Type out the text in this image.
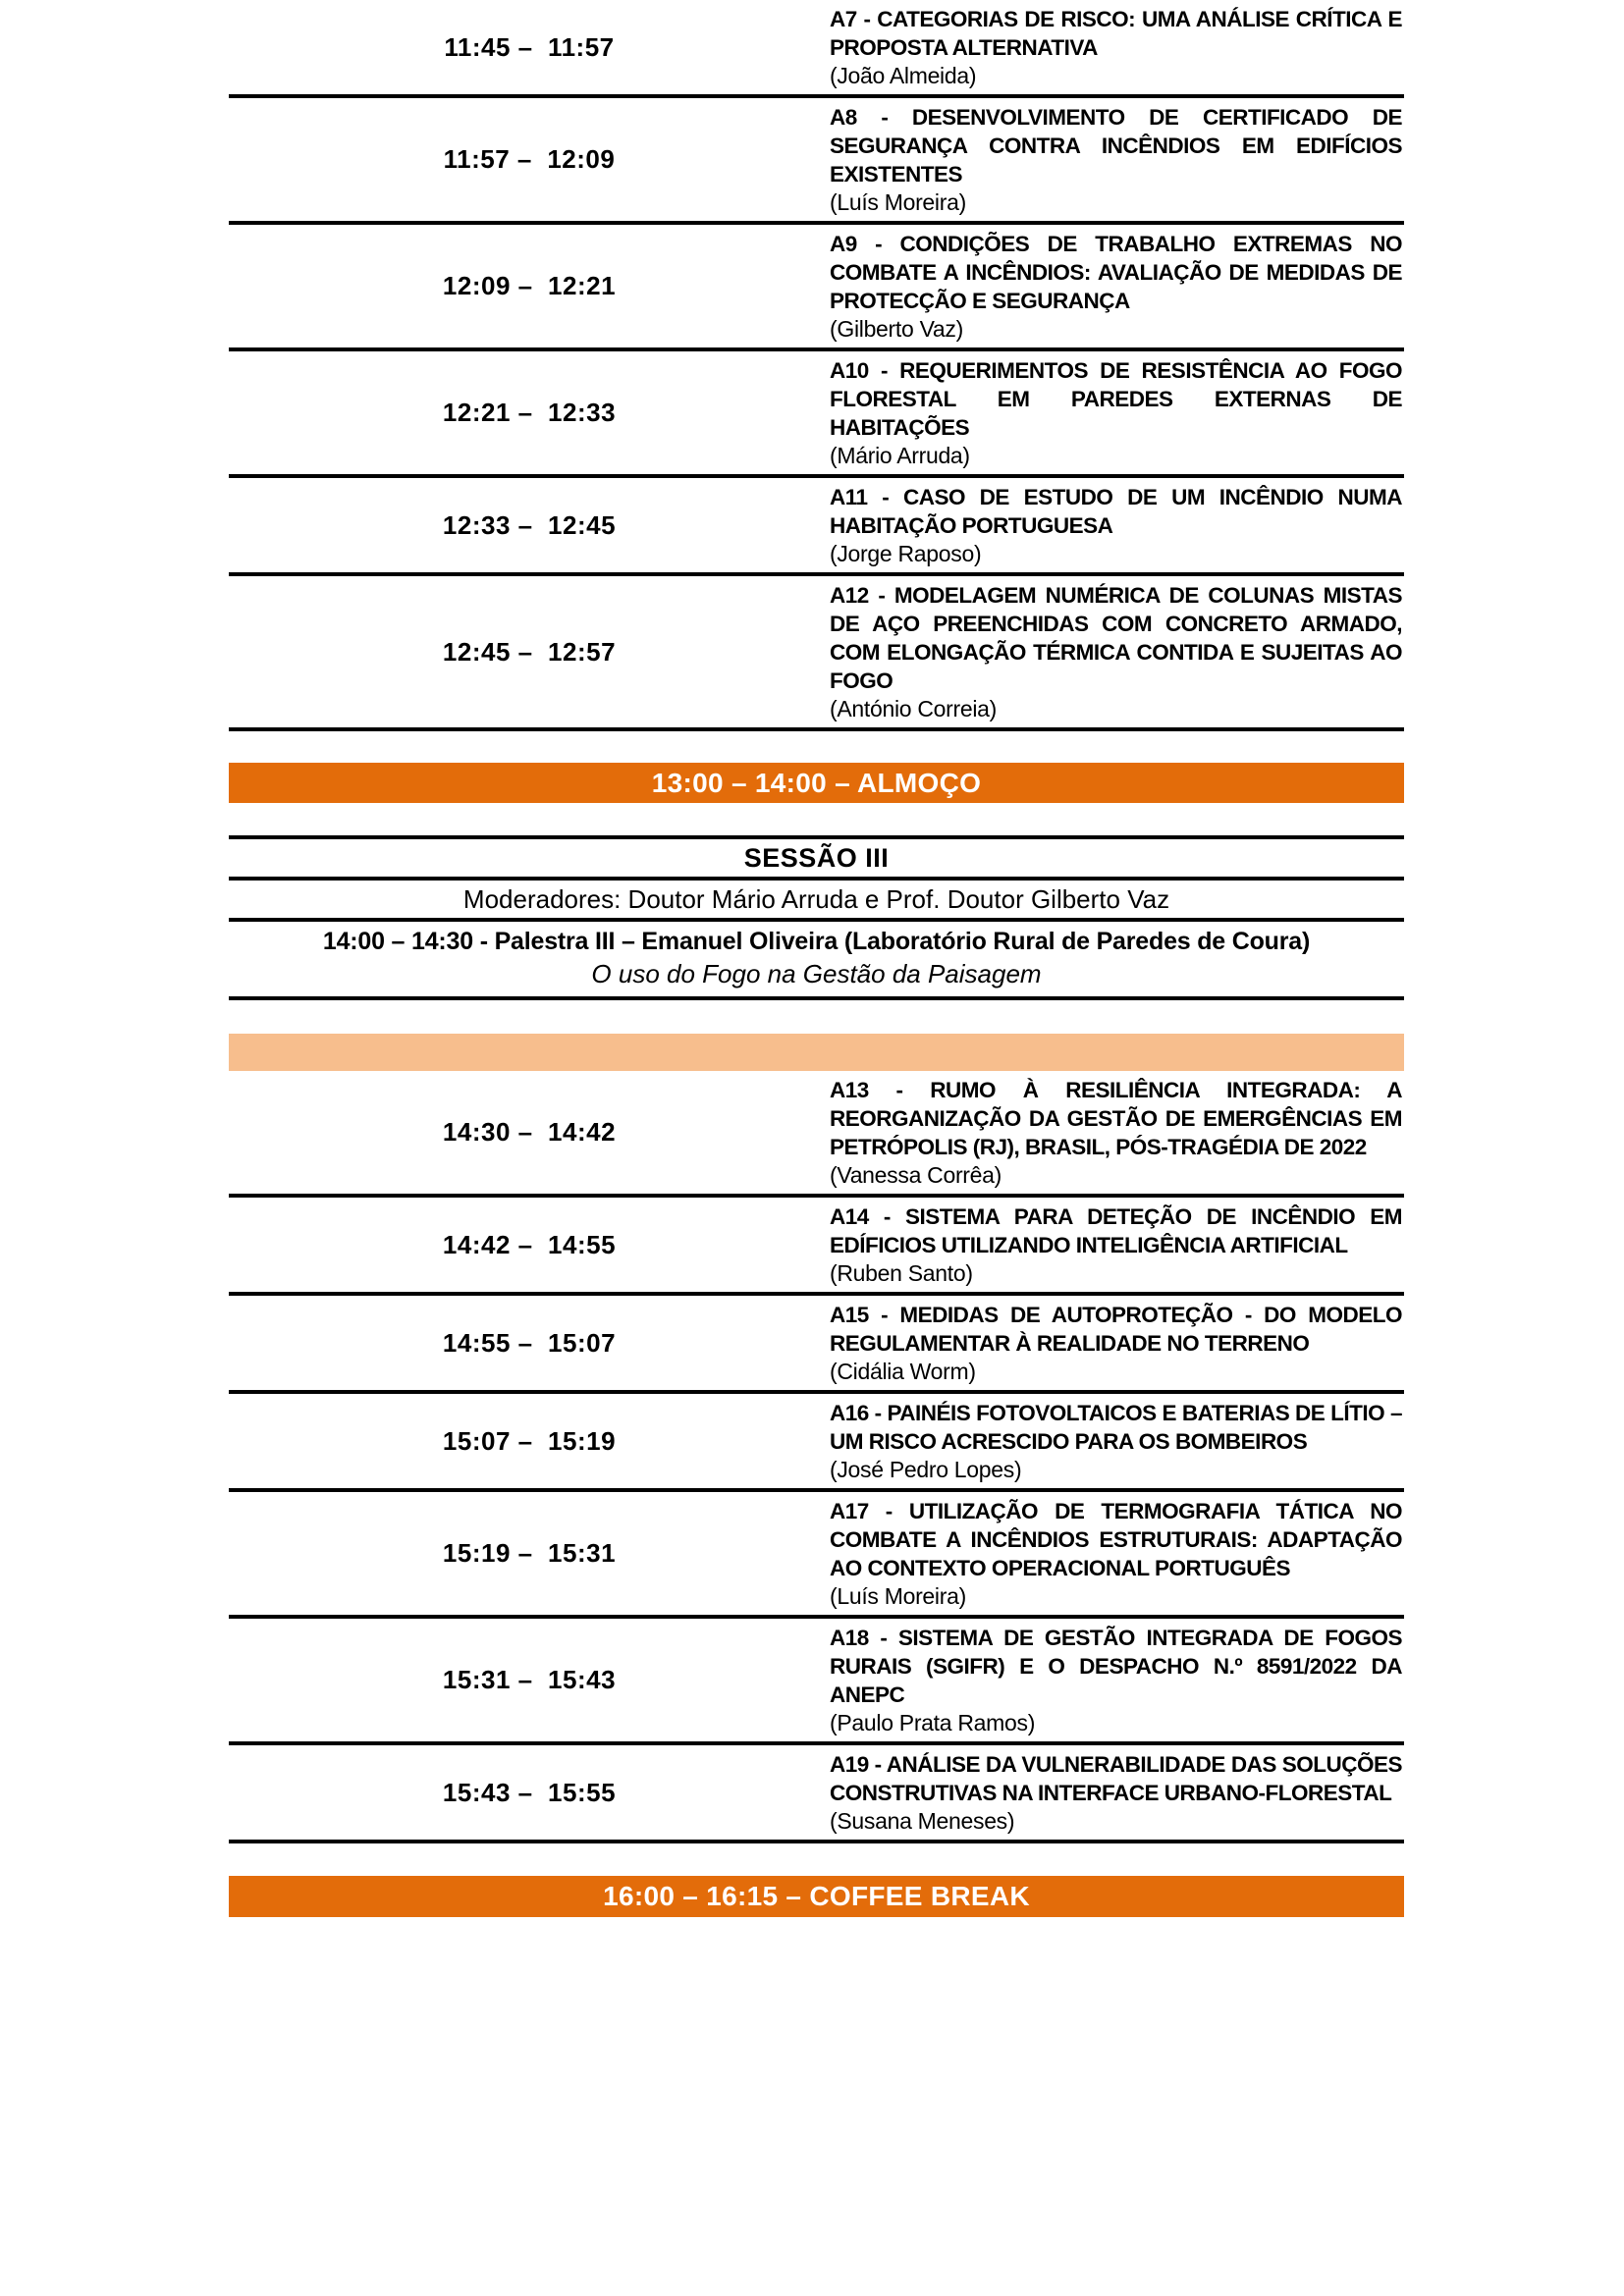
11:45 –  11:57
A7 - CATEGORIAS DE RISCO: UMA ANÁLISE CRÍTICA E PROPOSTA ALTERNATIVA
(João Almeida)
11:57 –  12:09
A8 - DESENVOLVIMENTO DE CERTIFICADO DE SEGURANÇA CONTRA INCÊNDIOS EM EDIFÍCIOS EXISTENTES
(Luís Moreira)
12:09 –  12:21
A9 - CONDIÇÕES DE TRABALHO EXTREMAS NO COMBATE A INCÊNDIOS: AVALIAÇÃO DE MEDIDAS DE PROTECÇÃO E SEGURANÇA
(Gilberto Vaz)
12:21 –  12:33
A10 - REQUERIMENTOS DE RESISTÊNCIA AO FOGO FLORESTAL EM PAREDES EXTERNAS DE HABITAÇÕES
(Mário Arruda)
12:33 –  12:45
A11 - CASO DE ESTUDO DE UM INCÊNDIO NUMA HABITAÇÃO PORTUGUESA
(Jorge Raposo)
12:45 –  12:57
A12 - MODELAGEM NUMÉRICA DE COLUNAS MISTAS DE AÇO PREENCHIDAS COM CONCRETO ARMADO, COM ELONGAÇÃO TÉRMICA CONTIDA E SUJEITAS AO FOGO
(António Correia)
13:00 – 14:00 – ALMOÇO
SESSÃO III
Moderadores: Doutor Mário Arruda e Prof. Doutor Gilberto Vaz
14:00 – 14:30 - Palestra III – Emanuel Oliveira (Laboratório Rural de Paredes de Coura)
O uso do Fogo na Gestão da Paisagem
14:30 –  14:42
A13 - RUMO À RESILIÊNCIA INTEGRADA: A REORGANIZAÇÃO DA GESTÃO DE EMERGÊNCIAS EM PETRÓPOLIS (RJ), BRASIL, PÓS-TRAGÉDIA DE 2022
(Vanessa Corrêa)
14:42 –  14:55
A14 - SISTEMA PARA DETEÇÃO DE INCÊNDIO EM EDÍFICIOS UTILIZANDO INTELIGÊNCIA ARTIFICIAL
(Ruben Santo)
14:55 –  15:07
A15 - MEDIDAS DE AUTOPROTEÇÃO - DO MODELO REGULAMENTAR À REALIDADE NO TERRENO
(Cidália Worm)
15:07 –  15:19
A16 - PAINÉIS FOTOVOLTAICOS E BATERIAS DE LÍTIO – UM RISCO ACRESCIDO PARA OS BOMBEIROS
(José Pedro Lopes)
15:19 –  15:31
A17 - UTILIZAÇÃO DE TERMOGRAFIA TÁTICA NO COMBATE A INCÊNDIOS ESTRUTURAIS: ADAPTAÇÃO AO CONTEXTO OPERACIONAL PORTUGUÊS
(Luís Moreira)
15:31 –  15:43
A18 - SISTEMA DE GESTÃO INTEGRADA DE FOGOS RURAIS (SGIFR) E O DESPACHO N.º 8591/2022 DA ANEPC
(Paulo Prata Ramos)
15:43 –  15:55
A19 - ANÁLISE DA VULNERABILIDADE DAS SOLUÇÕES CONSTRUTIVAS NA INTERFACE URBANO-FLORESTAL
(Susana Meneses)
16:00 – 16:15 – COFFEE BREAK
